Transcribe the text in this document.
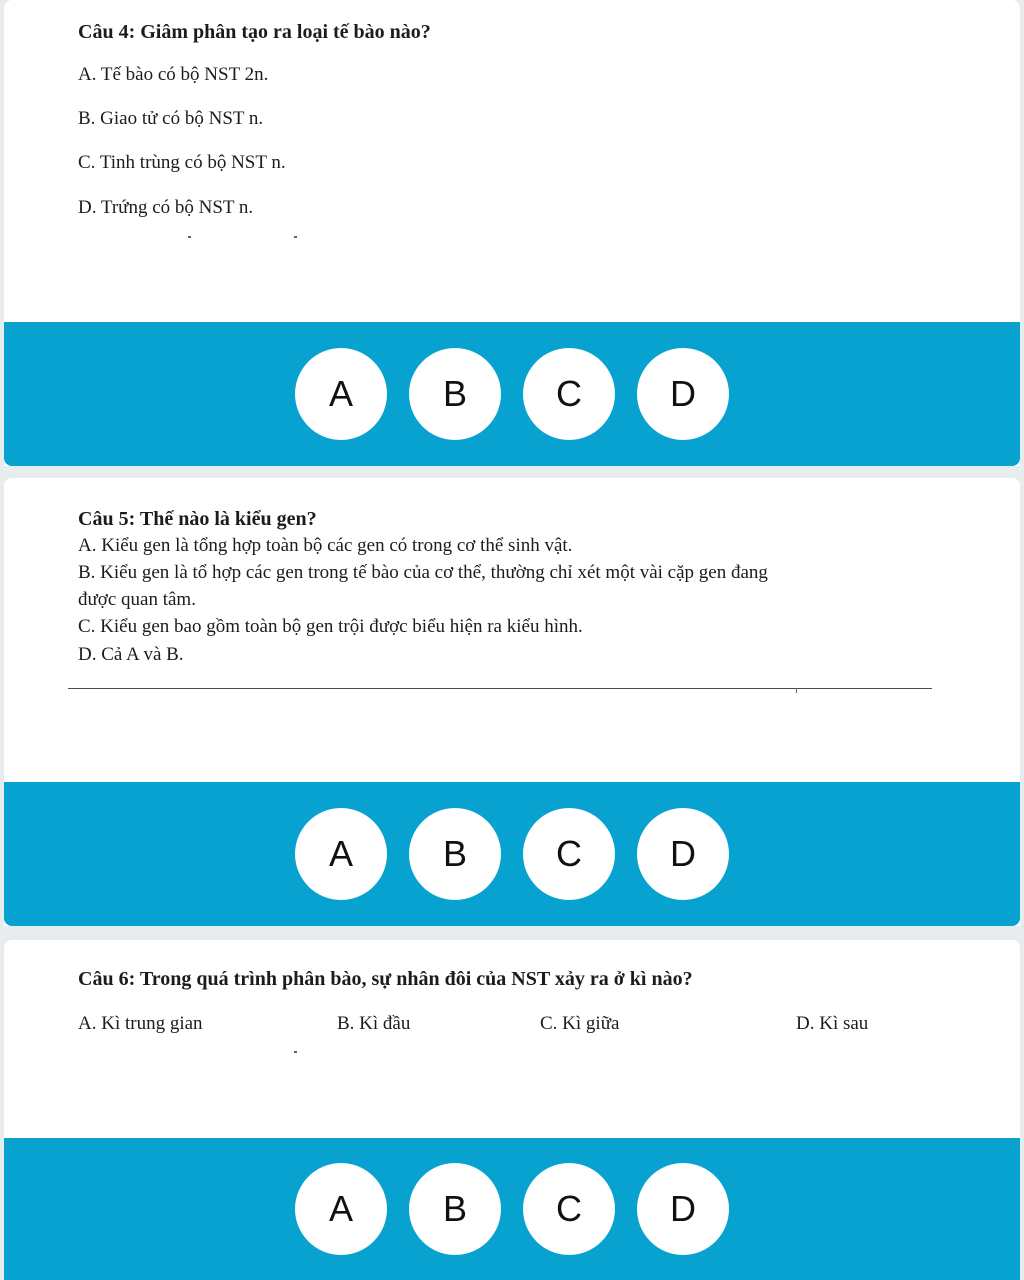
Câu 4: Giâm phân tạo ra loại tế bào nào?

A. Tế bào có bộ NST 2n.

B. Giao tử có bộ NST n.

C. Tinh trùng có bộ NST n.

D. Trứng có bộ NST n.

A	B	C	D

Câu 5: Thế nào là kiểu gen?

A. Kiểu gen là tổng hợp toàn bộ các gen có trong cơ thể sinh vật.

B. Kiểu gen là tổ hợp các gen trong tế bào của cơ thể, thường chỉ xét một vài cặp gen đang

được quan tâm.

C. Kiểu gen bao gồm toàn bộ gen trội được biểu hiện ra kiểu hình.

D. Cả A và B.

A	B	C	D

Câu 6: Trong quá trình phân bào, sự nhân đôi của NST xảy ra ở kì nào?

A. Kì trung gian	B. Kì đầu	C. Kì giữa	D. Kì sau

A	B	C	D
